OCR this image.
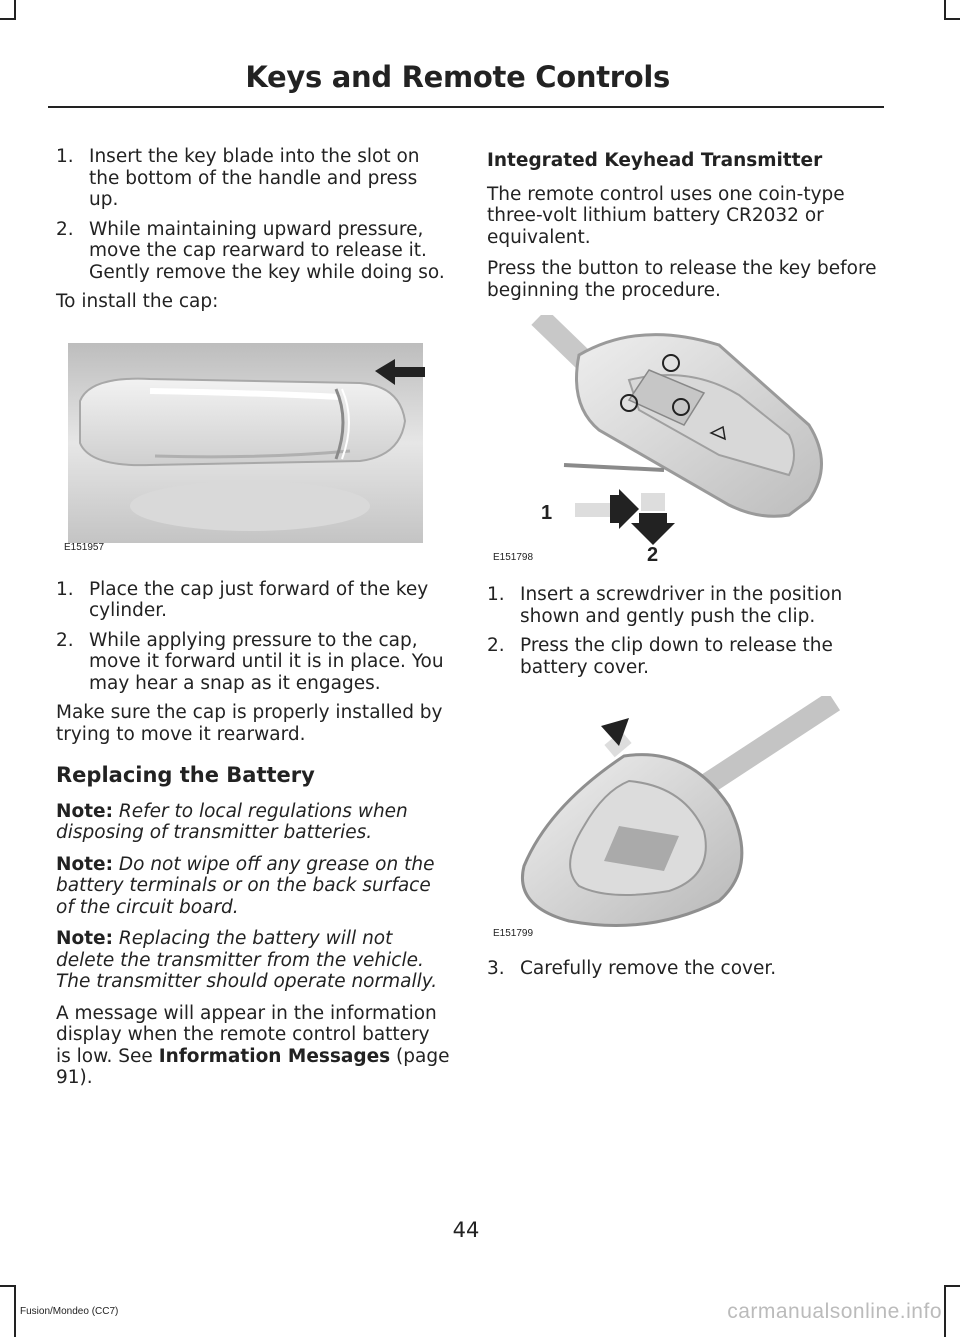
Keys and Remote Controls
1. Insert the key blade into the slot on the bottom of the handle and press up.
2. While maintaining upward pressure, move the cap rearward to release it. Gently remove the key while doing so.

To install the cap:

E151957
1. Place the cap just forward of the key cylinder.
2. While applying pressure to the cap, move it forward until it is in place. You may hear a snap as it engages.

Make sure the cap is properly installed by trying to move it rearward.

Replacing the Battery

Note: Refer to local regulations when disposing of transmitter batteries.

Note: Do not wipe off any grease on the battery terminals or on the back surface of the circuit board.

Note: Replacing the battery will not delete the transmitter from the vehicle. The transmitter should operate normally.

A message will appear in the information display when the remote control battery is low. See Information Messages (page 91).

Integrated Keyhead Transmitter

The remote control uses one coin-type three-volt lithium battery CR2032 or equivalent.

Press the button to release the key before beginning the procedure.

1
2
E151798
1. Insert a screwdriver in the position shown and gently push the clip.
2. Press the clip down to release the battery cover.
E151799
3. Carefully remove the cover.
44
Fusion/Mondeo (CC7)	carmanualsonline.info
